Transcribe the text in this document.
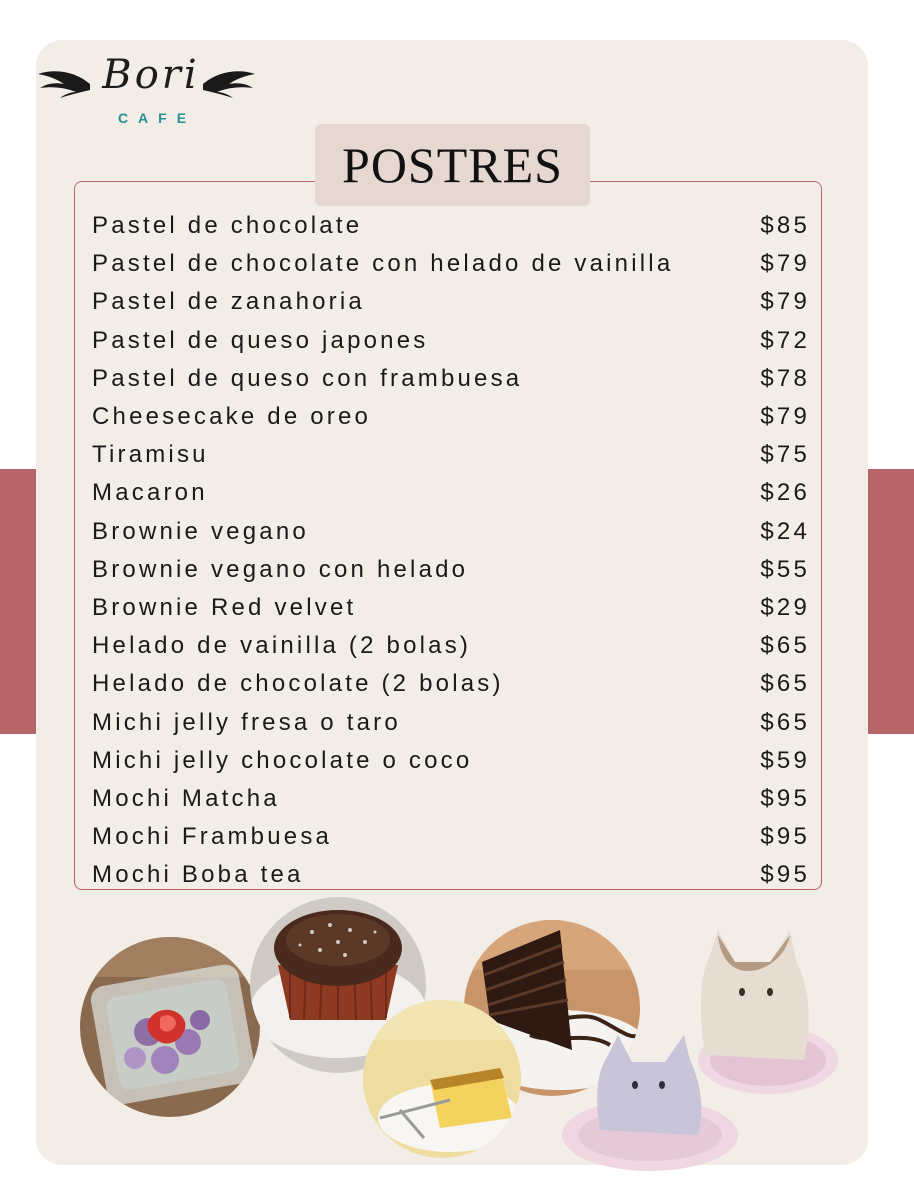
Bori
CAFE
POSTRES
Pastel de chocolate	$85
Pastel de chocolate con helado de vainilla	$79
Pastel de zanahoria	$79
Pastel de queso japones	$72
Pastel de queso con frambuesa	$78
Cheesecake de oreo	$79
Tiramisu	$75
Macaron	$26
Brownie vegano	$24
Brownie vegano con helado	$55
Brownie Red velvet	$29
Helado de vainilla (2 bolas)	$65
Helado de chocolate (2 bolas)	$65
Michi jelly fresa o taro	$65
Michi jelly chocolate o coco	$59
Mochi Matcha	$95
Mochi Frambuesa	$95
Mochi Boba tea	$95
